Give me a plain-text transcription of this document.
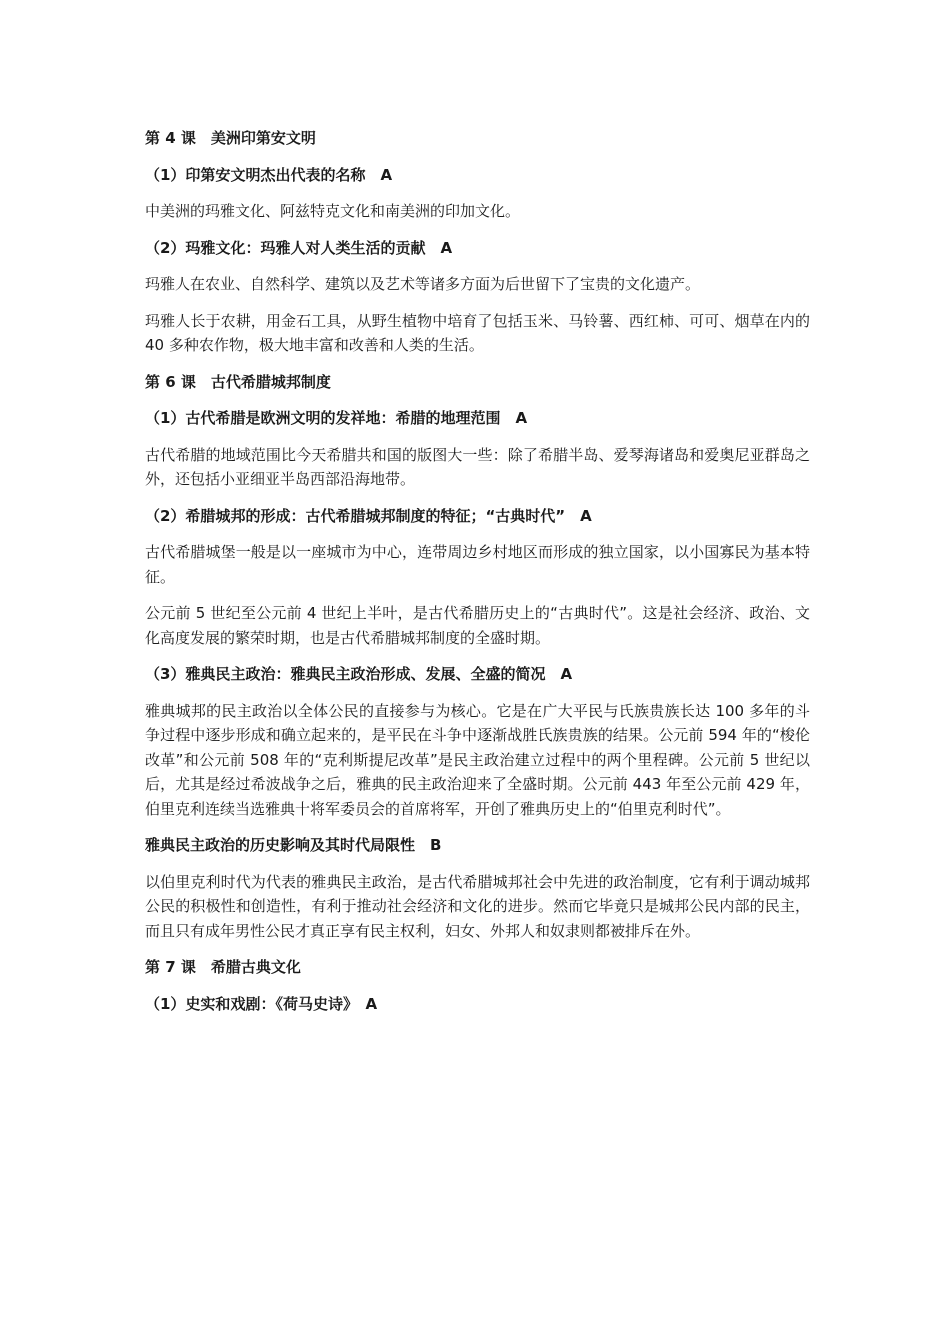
第 4 课　美洲印第安文明
（1）印第安文明杰出代表的名称　A
中美洲的玛雅文化、阿兹特克文化和南美洲的印加文化。
（2）玛雅文化：玛雅人对人类生活的贡献　A
玛雅人在农业、自然科学、建筑以及艺术等诸多方面为后世留下了宝贵的文化遗产。
玛雅人长于农耕，用金石工具，从野生植物中培育了包括玉米、马铃薯、西红柿、可可、烟草在内的 40 多种农作物，极大地丰富和改善和人类的生活。
第 6 课　古代希腊城邦制度
（1）古代希腊是欧洲文明的发祥地：希腊的地理范围　A
古代希腊的地域范围比今天希腊共和国的版图大一些：除了希腊半岛、爱琴海诸岛和爱奥尼亚群岛之外，还包括小亚细亚半岛西部沿海地带。
（2）希腊城邦的形成：古代希腊城邦制度的特征；“古典时代”　A
古代希腊城堡一般是以一座城市为中心，连带周边乡村地区而形成的独立国家，以小国寡民为基本特征。
公元前 5 世纪至公元前 4 世纪上半叶，是古代希腊历史上的“古典时代”。这是社会经济、政治、文化高度发展的繁荣时期，也是古代希腊城邦制度的全盛时期。
（3）雅典民主政治：雅典民主政治形成、发展、全盛的简况　A
雅典城邦的民主政治以全体公民的直接参与为核心。它是在广大平民与氏族贵族长达 100 多年的斗争过程中逐步形成和确立起来的，是平民在斗争中逐渐战胜氏族贵族的结果。公元前 594 年的“梭伦改革”和公元前 508 年的“克利斯提尼改革”是民主政治建立过程中的两个里程碑。公元前 5 世纪以后，尤其是经过希波战争之后，雅典的民主政治迎来了全盛时期。公元前 443 年至公元前 429 年，伯里克利连续当选雅典十将军委员会的首席将军，开创了雅典历史上的“伯里克利时代”。
雅典民主政治的历史影响及其时代局限性　B
以伯里克利时代为代表的雅典民主政治，是古代希腊城邦社会中先进的政治制度，它有利于调动城邦公民的积极性和创造性，有利于推动社会经济和文化的进步。然而它毕竟只是城邦公民内部的民主，而且只有成年男性公民才真正享有民主权利，妇女、外邦人和奴隶则都被排斥在外。
第 7 课　希腊古典文化
（1）史实和戏剧：《荷马史诗》　A
